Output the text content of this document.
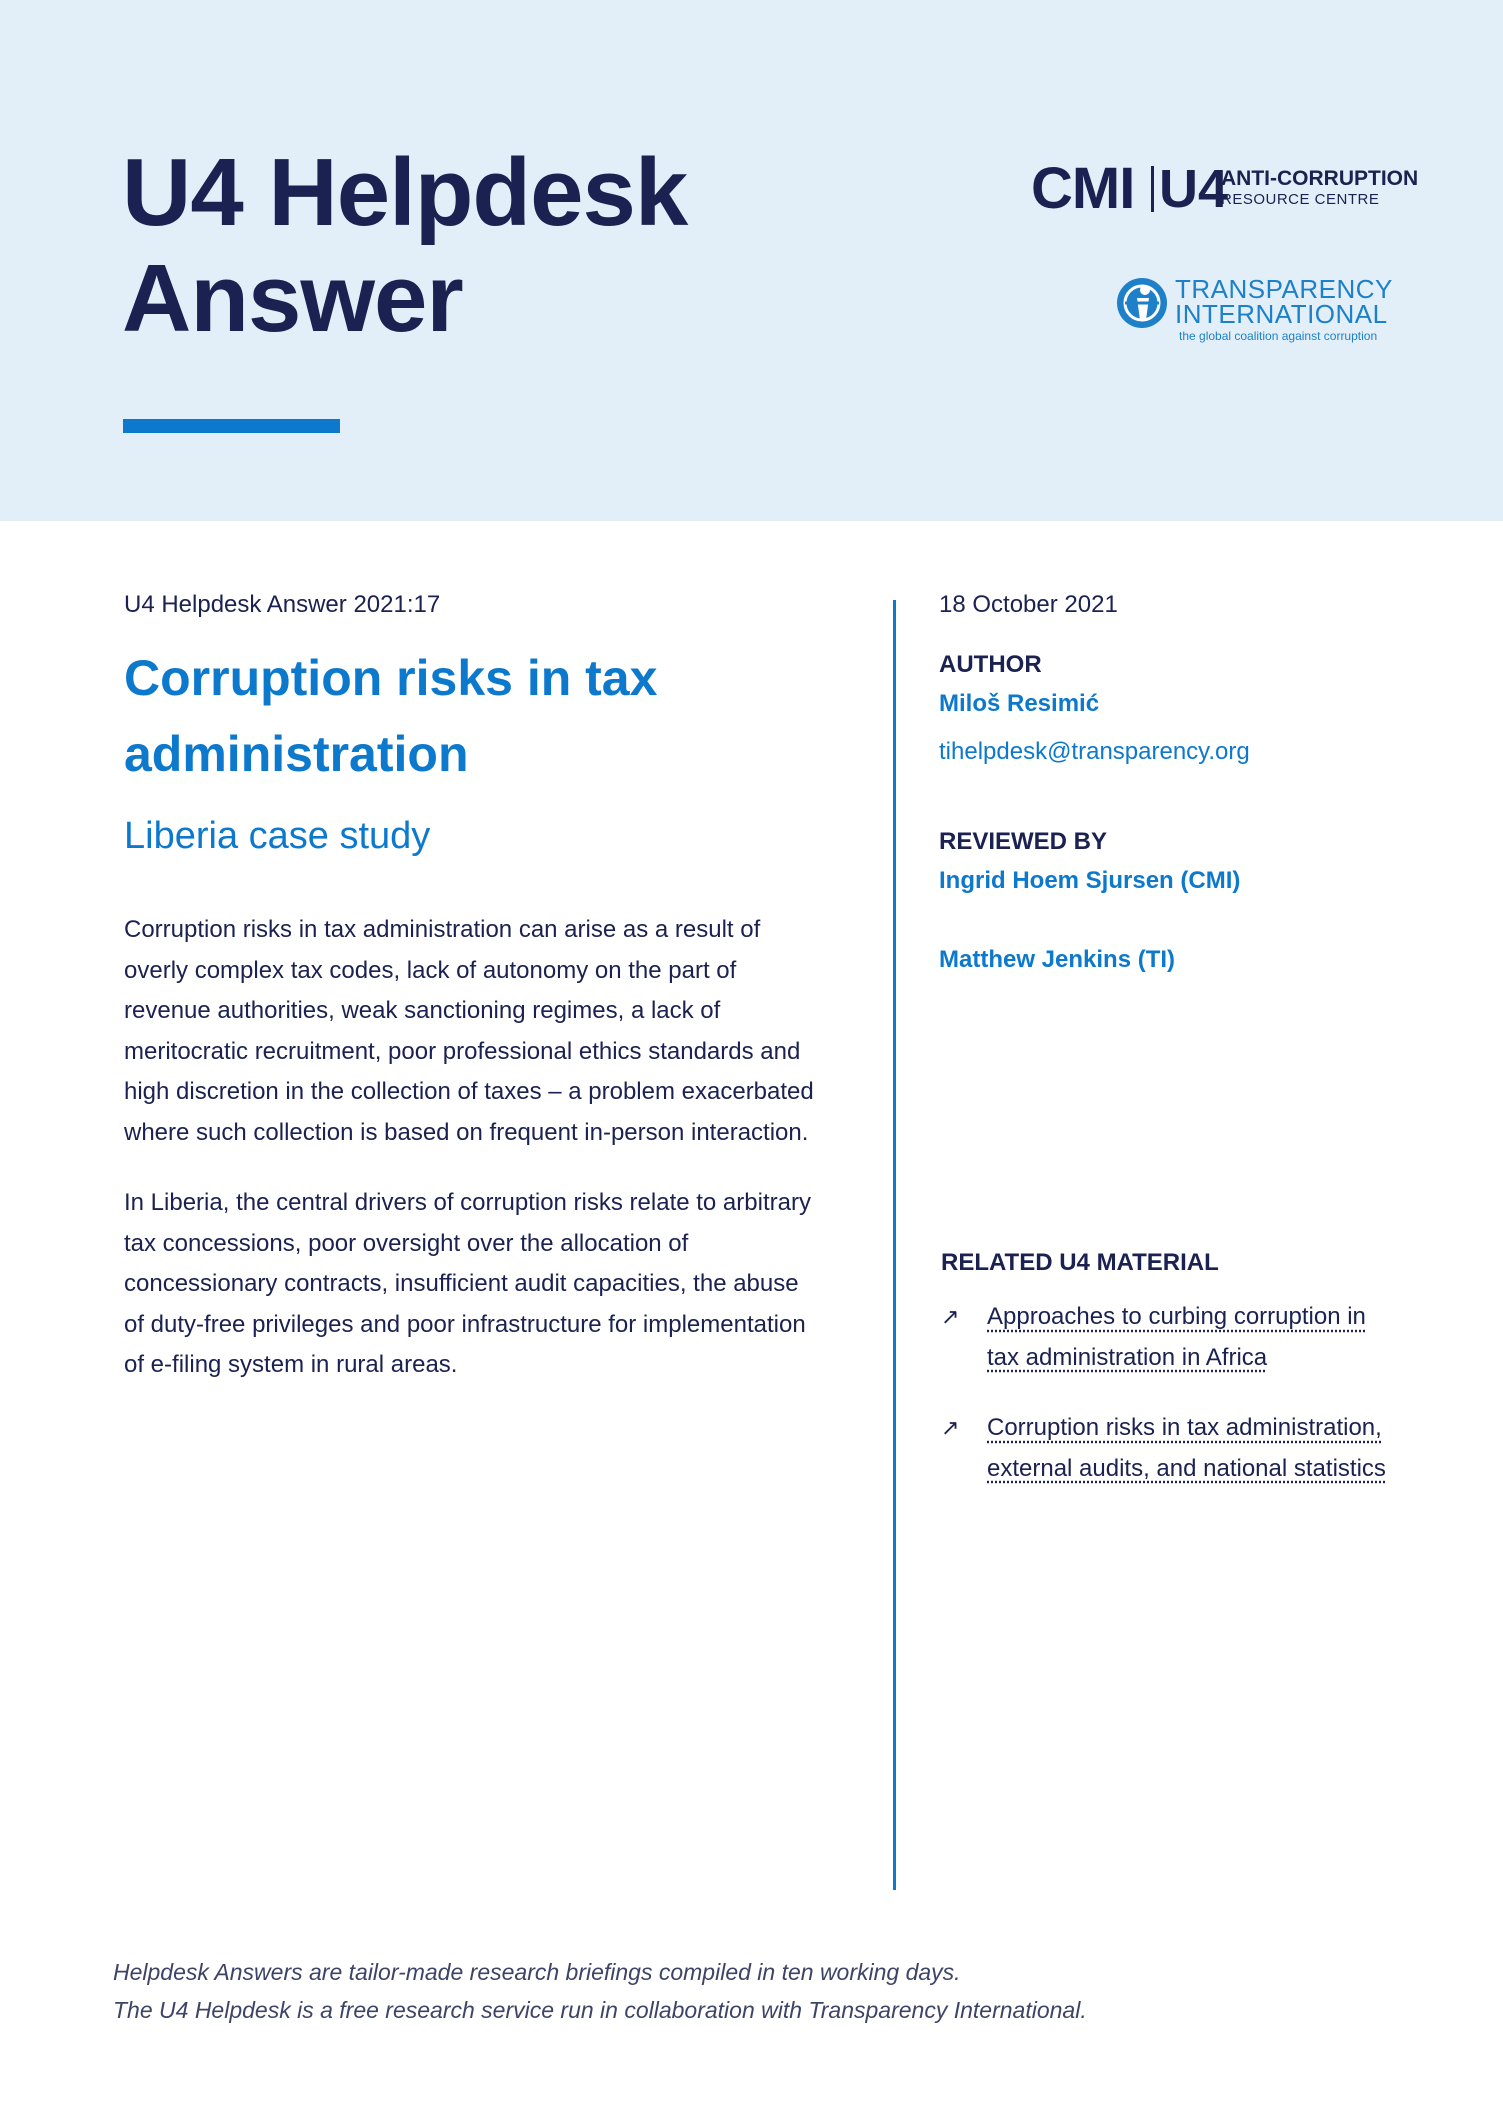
U4 Helpdesk
Answer
CMI U4
ANTI-CORRUPTION
RESOURCE CENTRE
TRANSPARENCY
INTERNATIONAL
the global coalition against corruption
U4 Helpdesk Answer 2021:17
Corruption risks in tax administration
Liberia case study

Corruption risks in tax administration can arise as a result of overly complex tax codes, lack of autonomy on the part of revenue authorities, weak sanctioning regimes, a lack of meritocratic recruitment, poor professional ethics standards and high discretion in the collection of taxes – a problem exacerbated where such collection is based on frequent in-person interaction.

In Liberia, the central drivers of corruption risks relate to arbitrary tax concessions, poor oversight over the allocation of concessionary contracts, insufficient audit capacities, the abuse of duty-free privileges and poor infrastructure for implementation of e-filing system in rural areas.

18 October 2021
AUTHOR
Miloš Resimić
tihelpdesk@transparency.org
REVIEWED BY
Ingrid Hoem Sjursen (CMI)
Matthew Jenkins (TI)
RELATED U4 MATERIAL
↗ Approaches to curbing corruption in tax administration in Africa
↗ Corruption risks in tax administration, external audits, and national statistics
Helpdesk Answers are tailor-made research briefings compiled in ten working days.
The U4 Helpdesk is a free research service run in collaboration with Transparency International.
